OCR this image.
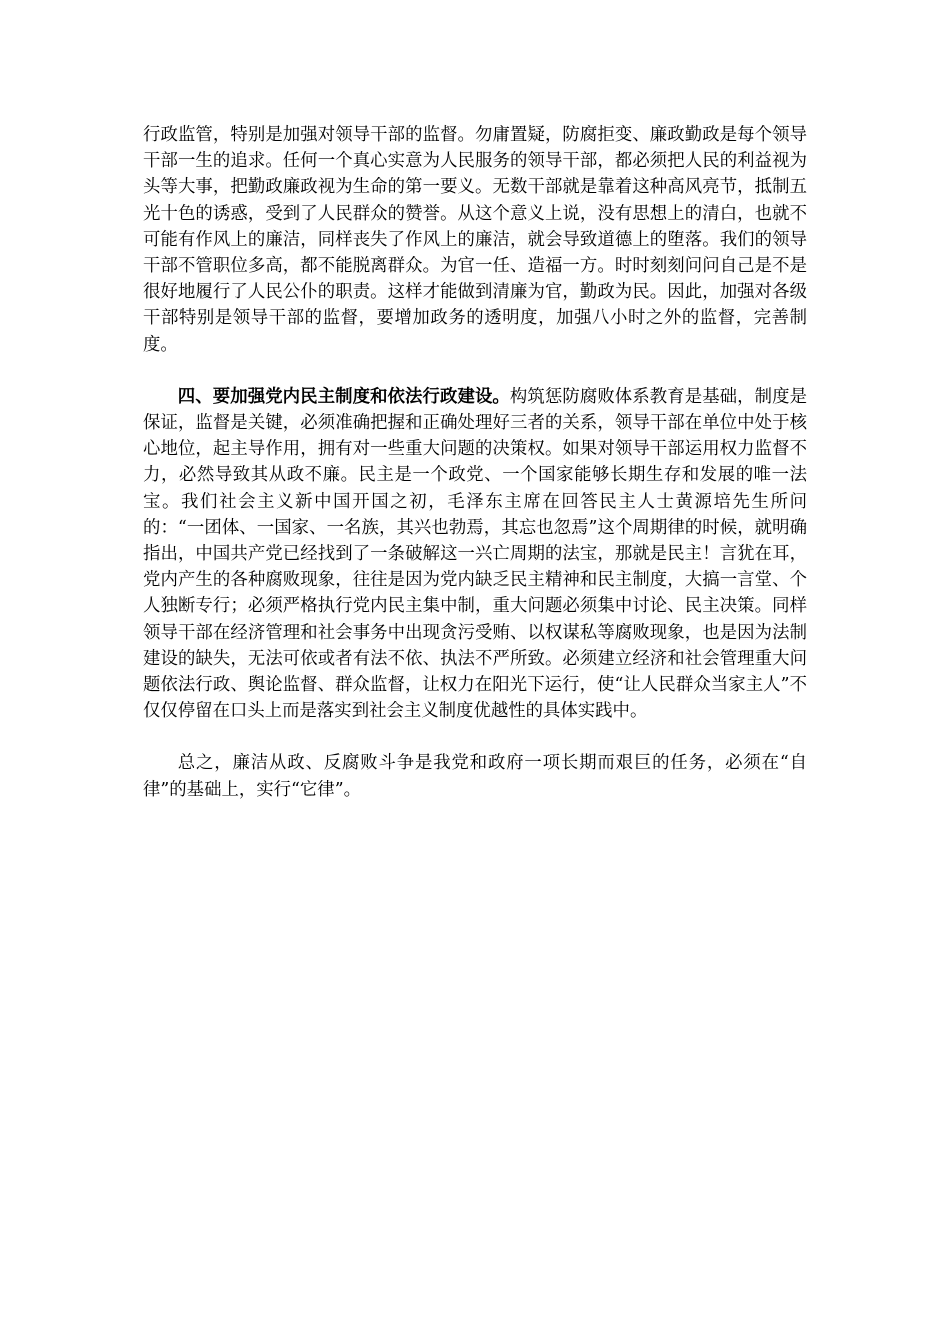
行政监管，特别是加强对领导干部的监督。勿庸置疑，防腐拒变、廉政勤政是每个领导干部一生的追求。任何一个真心实意为人民服务的领导干部，都必须把人民的利益视为头等大事，把勤政廉政视为生命的第一要义。无数干部就是靠着这种高风亮节，抵制五光十色的诱惑，受到了人民群众的赞誉。从这个意义上说，没有思想上的清白，也就不可能有作风上的廉洁，同样丧失了作风上的廉洁，就会导致道德上的堕落。我们的领导干部不管职位多高，都不能脱离群众。为官一任、造福一方。时时刻刻问问自己是不是很好地履行了人民公仆的职责。这样才能做到清廉为官，勤政为民。因此，加强对各级干部特别是领导干部的监督，要增加政务的透明度，加强八小时之外的监督，完善制度。

四、要加强党内民主制度和依法行政建设。构筑惩防腐败体系教育是基础，制度是保证，监督是关键，必须准确把握和正确处理好三者的关系，领导干部在单位中处于核心地位，起主导作用，拥有对一些重大问题的决策权。如果对领导干部运用权力监督不力，必然导致其从政不廉。民主是一个政党、一个国家能够长期生存和发展的唯一法宝。我们社会主义新中国开国之初，毛泽东主席在回答民主人士黄源培先生所问的：“一团体、一国家、一名族，其兴也勃焉，其忘也忽焉”这个周期律的时候，就明确指出，中国共产党已经找到了一条破解这一兴亡周期的法宝，那就是民主！言犹在耳，党内产生的各种腐败现象，往往是因为党内缺乏民主精神和民主制度，大搞一言堂、个人独断专行；必须严格执行党内民主集中制，重大问题必须集中讨论、民主决策。同样领导干部在经济管理和社会事务中出现贪污受贿、以权谋私等腐败现象，也是因为法制建设的缺失，无法可依或者有法不依、执法不严所致。必须建立经济和社会管理重大问题依法行政、舆论监督、群众监督，让权力在阳光下运行，使“让人民群众当家主人”不仅仅停留在口头上而是落实到社会主义制度优越性的具体实践中。

总之，廉洁从政、反腐败斗争是我党和政府一项长期而艰巨的任务，必须在“自律”的基础上，实行“它律”。
